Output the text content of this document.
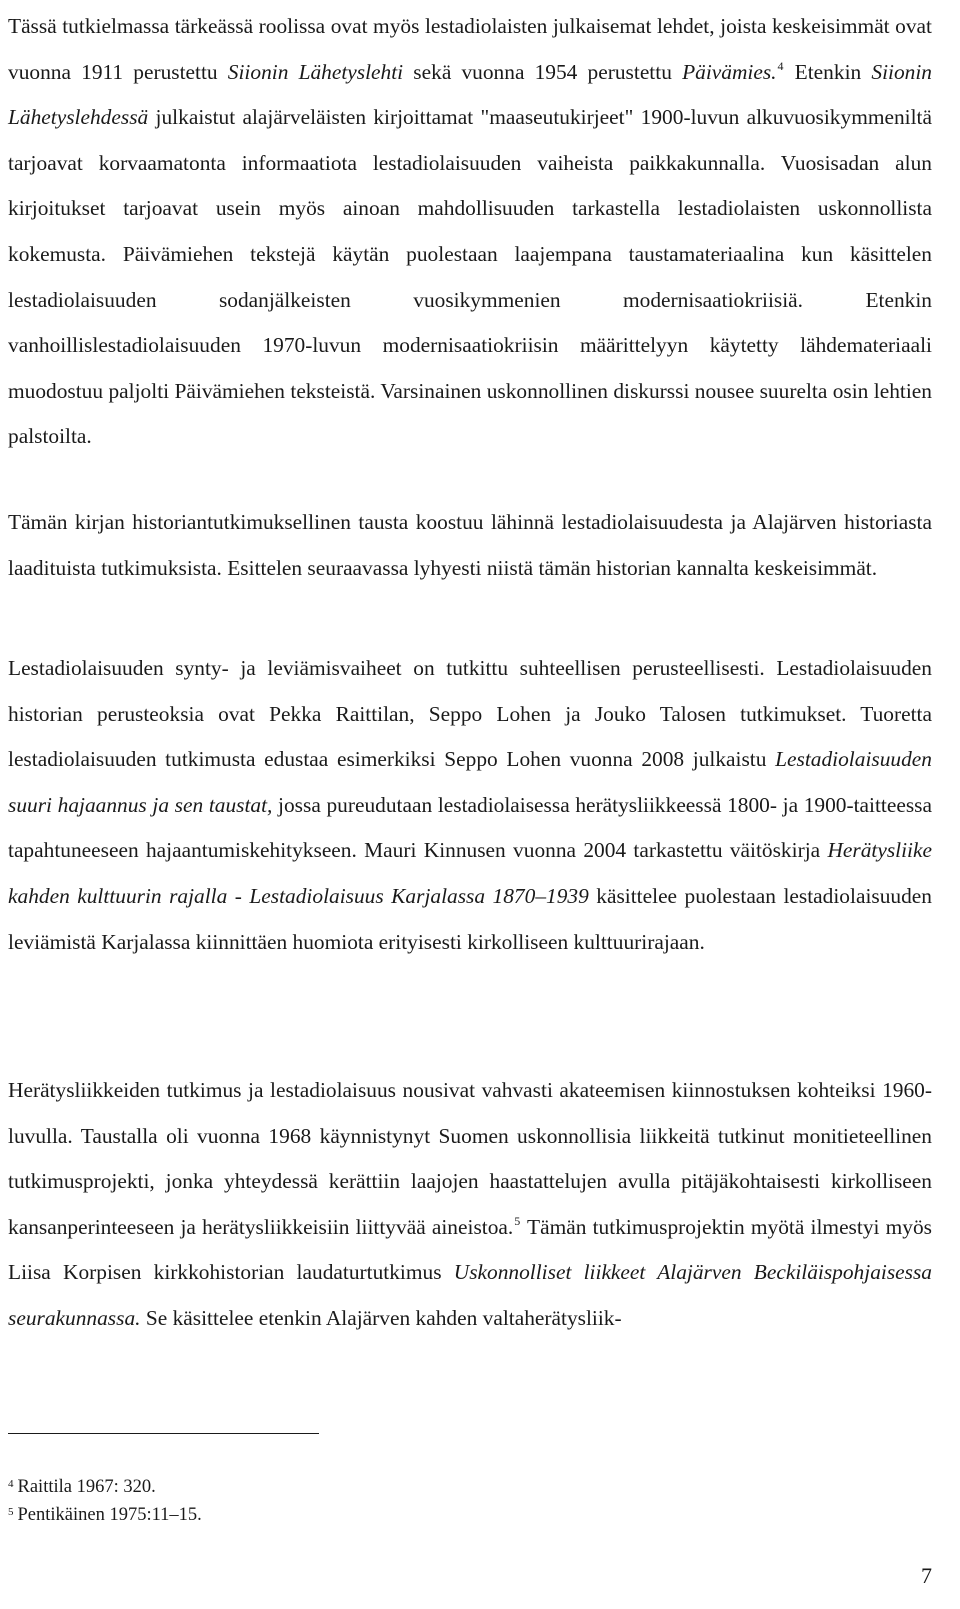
Tässä tutkielmassa tärkeässä roolissa ovat myös lestadiolaisten julkaisemat lehdet, joista keskeisimmät ovat vuonna 1911 perustettu Siionin Lähetyslehti sekä vuonna 1954 perustettu Päivämies.$^4$ Etenkin Siionin Lähetyslehdessä julkaistut alajärveläisten kirjoittamat "maaseutukirjeet" 1900-luvun alkuvuosikymmeniltä tarjoavat korvaamatonta informaatiota lestadiolaisuuden vaiheista paikkakunnalla. Vuosisadan alun kirjoitukset tarjoavat usein myös ainoan mahdollisuuden tarkastella lestadiolaisten uskonnollista kokemusta. Päivämiehen tekstejä käytän puolestaan laajempana taustamateriaalina kun käsittelen lestadiolaisuuden sodanjälkeisten vuosikymmenien modernisaatiokriisiä. Etenkin vanhoillislestadiolaisuuden 1970-luvun modernisaatiokriisin määrittelyyn käytetty lähdemateriaali muodostuu paljolti Päivämiehen teksteistä. Varsinainen uskonnollinen diskurssi nousee suurelta osin lehtien palstoilta.

Tämän kirjan historiantutkimuksellinen tausta koostuu lähinnä lestadiolaisuudesta ja Alajärven historiasta laadituista tutkimuksista. Esittelen seuraavassa lyhyesti niistä tämän historian kannalta keskeisimmät.

Lestadiolaisuuden synty- ja leviämisvaiheet on tutkittu suhteellisen perusteellisesti. Lestadiolaisuuden historian perusteoksia ovat Pekka Raittilan, Seppo Lohen ja Jouko Talosen tutkimukset. Tuoretta lestadiolaisuuden tutkimusta edustaa esimerkiksi Seppo Lohen vuonna 2008 julkaistu Lestadiolaisuuden suuri hajaannus ja sen taustat, jossa pureudutaan lestadiolaisessa herätysliikkeessä 1800- ja 1900-taitteessa tapahtuneeseen hajaantumiskehitykseen. Mauri Kinnusen vuonna 2004 tarkastettu väitöskirja Herätysliike kahden kulttuurin rajalla - Lestadiolaisuus Karjalassa 1870–1939 käsittelee puolestaan lestadiolaisuuden leviämistä Karjalassa kiinnittäen huomiota erityisesti kirkolliseen kulttuurirajaan.

Herätysliikkeiden tutkimus ja lestadiolaisuus nousivat vahvasti akateemisen kiinnostuksen kohteiksi 1960-luvulla. Taustalla oli vuonna 1968 käynnistynyt Suomen uskonnollisia liikkeitä tutkinut monitieteellinen tutkimusprojekti, jonka yhteydessä kerättiin laajojen haastattelujen avulla pitäjäkohtaisesti kirkolliseen kansanperinteeseen ja herätysliikkeisiin liittyvää aineistoa.$^5$ Tämän tutkimusprojektin myötä ilmestyi myös Liisa Korpisen kirkkohistorian laudaturtutkimus Uskonnolliset liikkeet Alajärven Beckiläispohjaisessa seurakunnassa. Se käsittelee etenkin Alajärven kahden valtaherätysliik-

$^4$ Raittila 1967: 320.
$^5$ Pentikäinen 1975:11–15.
7
